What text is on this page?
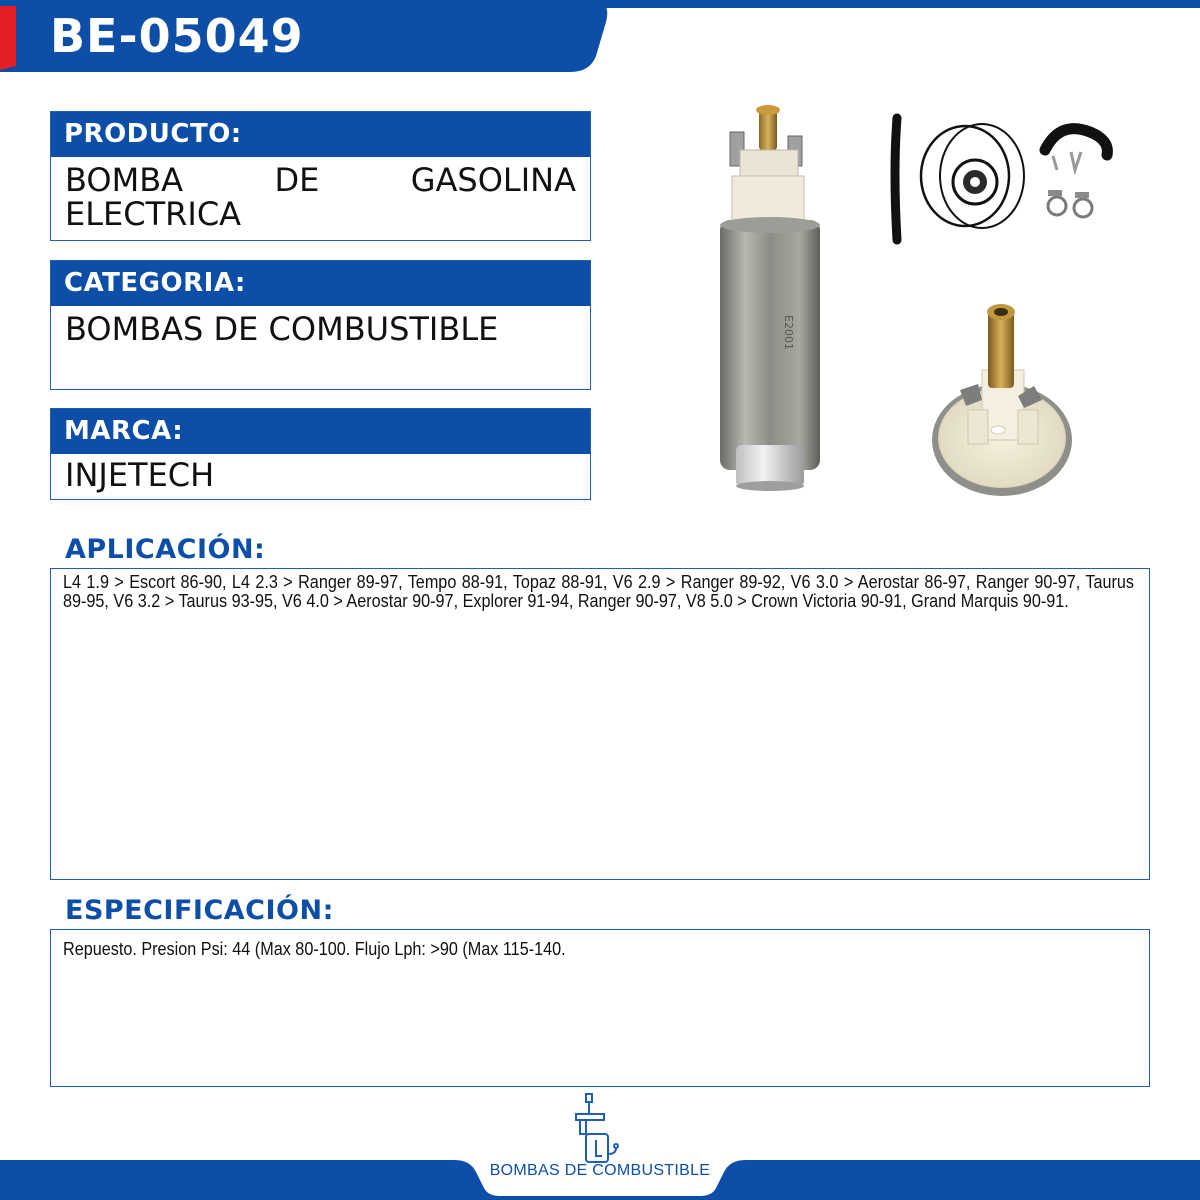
BE-05049
PRODUCTO:
BOMBA DE GASOLINA ELECTRICA
CATEGORIA:
BOMBAS DE COMBUSTIBLE
MARCA:
INJETECH
E2001
APLICACIÓN:
L4 1.9 > Escort 86-90, L4 2.3 > Ranger 89-97, Tempo 88-91, Topaz 88-91, V6 2.9 > Ranger 89-92, V6 3.0 > Aerostar 86-97, Ranger 90-97, Taurus 89-95, V6 3.2 > Taurus 93-95, V6 4.0 > Aerostar 90-97, Explorer 91-94, Ranger 90-97, V8 5.0 > Crown Victoria 90-91, Grand Marquis 90-91.
ESPECIFICACIÓN:
Repuesto. Presion Psi: 44 (Max 80-100. Flujo Lph: >90 (Max 115-140.
BOMBAS DE COMBUSTIBLE
